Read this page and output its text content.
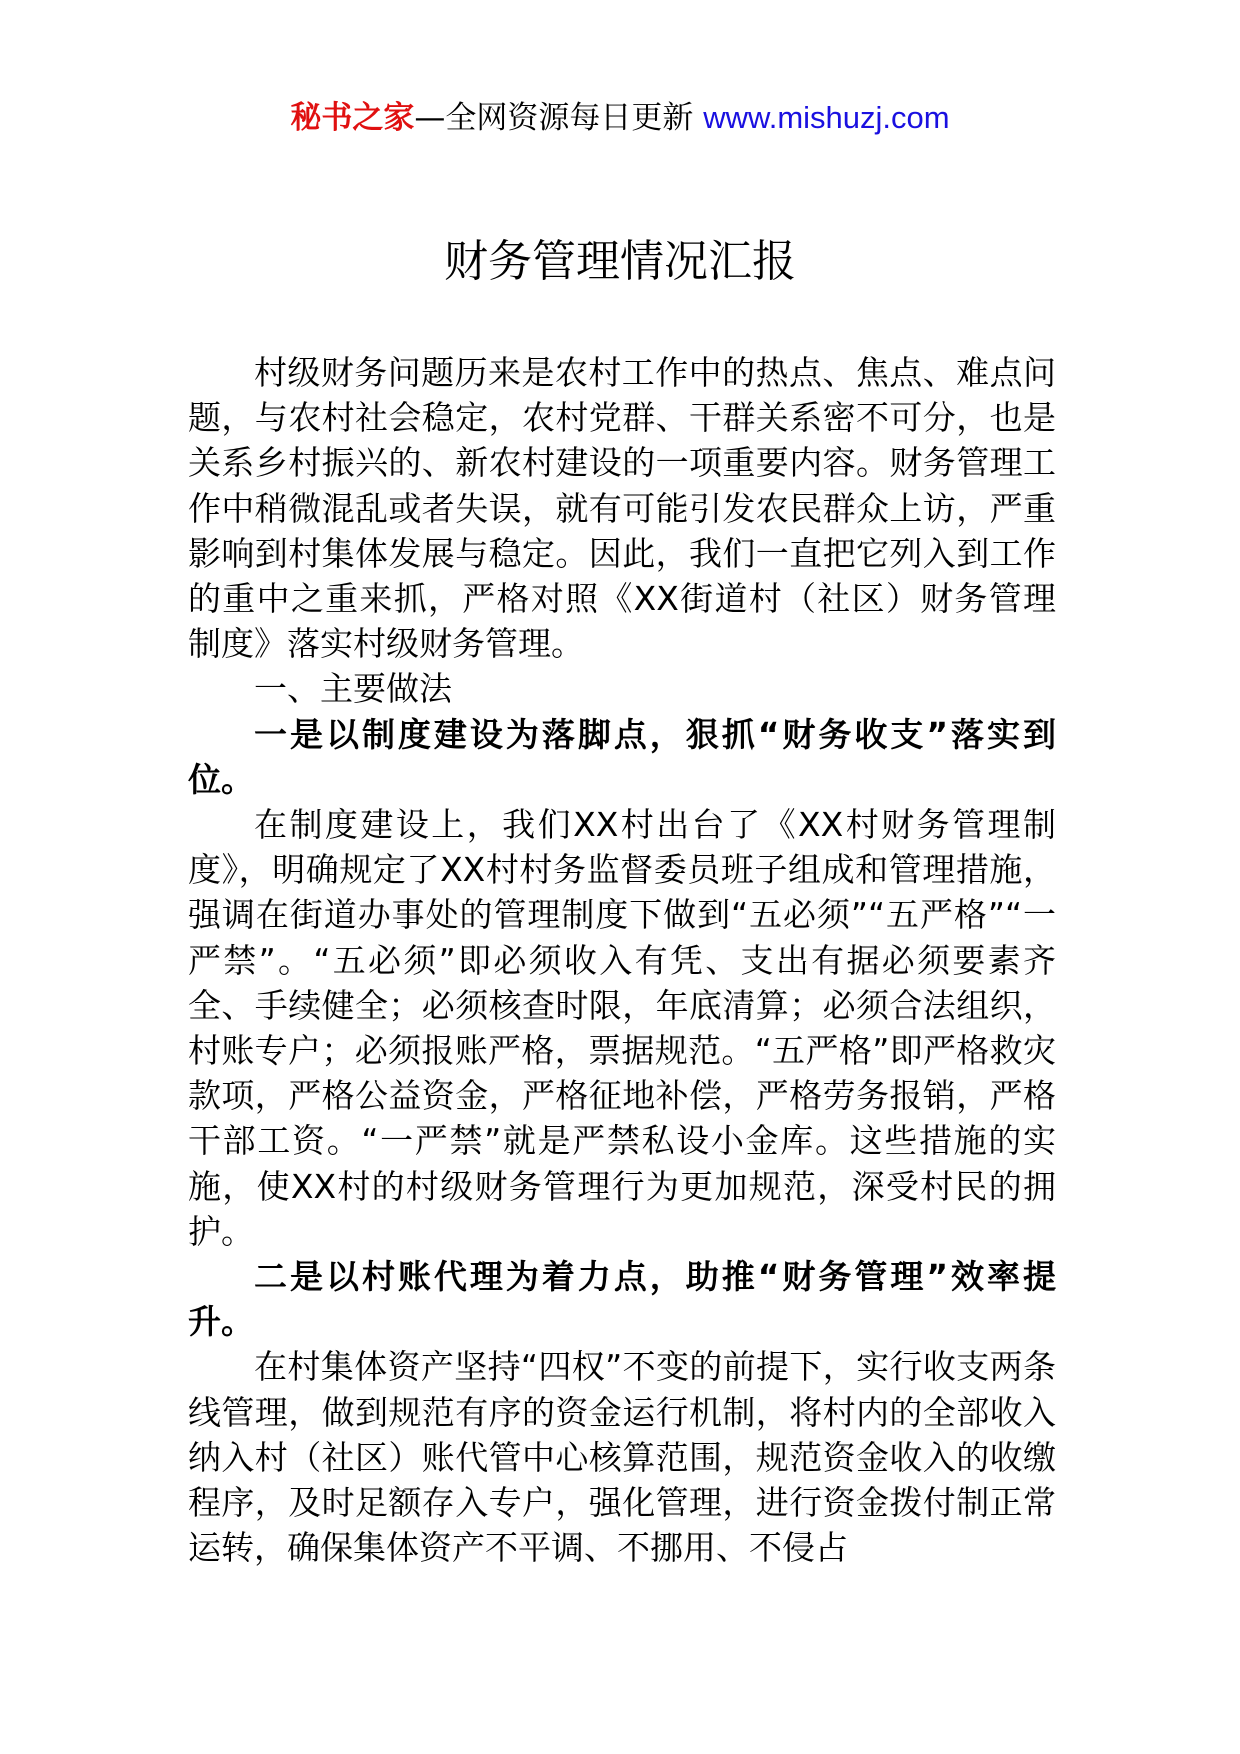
秘书之家—全网资源每日更新 www.mishuzj.com
财务管理情况汇报

村级财务问题历来是农村工作中的热点、焦点、难点问题，与农村社会稳定，农村党群、干群关系密不可分，也是关系乡村振兴的、新农村建设的一项重要内容。财务管理工作中稍微混乱或者失误，就有可能引发农民群众上访，严重影响到村集体发展与稳定。因此，我们一直把它列入到工作的重中之重来抓，严格对照《XX街道村（社区）财务管理制度》落实村级财务管理。

一、主要做法

一是以制度建设为落脚点，狠抓“财务收支”落实到位。

在制度建设上，我们XX村出台了《XX村财务管理制度》，明确规定了XX村村务监督委员班子组成和管理措施，强调在街道办事处的管理制度下做到“五必须”“五严格”“一严禁”。“五必须”即必须收入有凭、支出有据必须要素齐全、手续健全；必须核查时限，年底清算；必须合法组织，村账专户；必须报账严格，票据规范。“五严格”即严格救灾款项，严格公益资金，严格征地补偿，严格劳务报销，严格干部工资。“一严禁”就是严禁私设小金库。这些措施的实施，使XX村的村级财务管理行为更加规范，深受村民的拥护。

二是以村账代理为着力点，助推“财务管理”效率提升。

在村集体资产坚持“四权”不变的前提下，实行收支两条线管理，做到规范有序的资金运行机制，将村内的全部收入纳入村（社区）账代管中心核算范围，规范资金收入的收缴程序，及时足额存入专户，强化管理，进行资金拨付制正常运转，确保集体资产不平调、不挪用、不侵占
